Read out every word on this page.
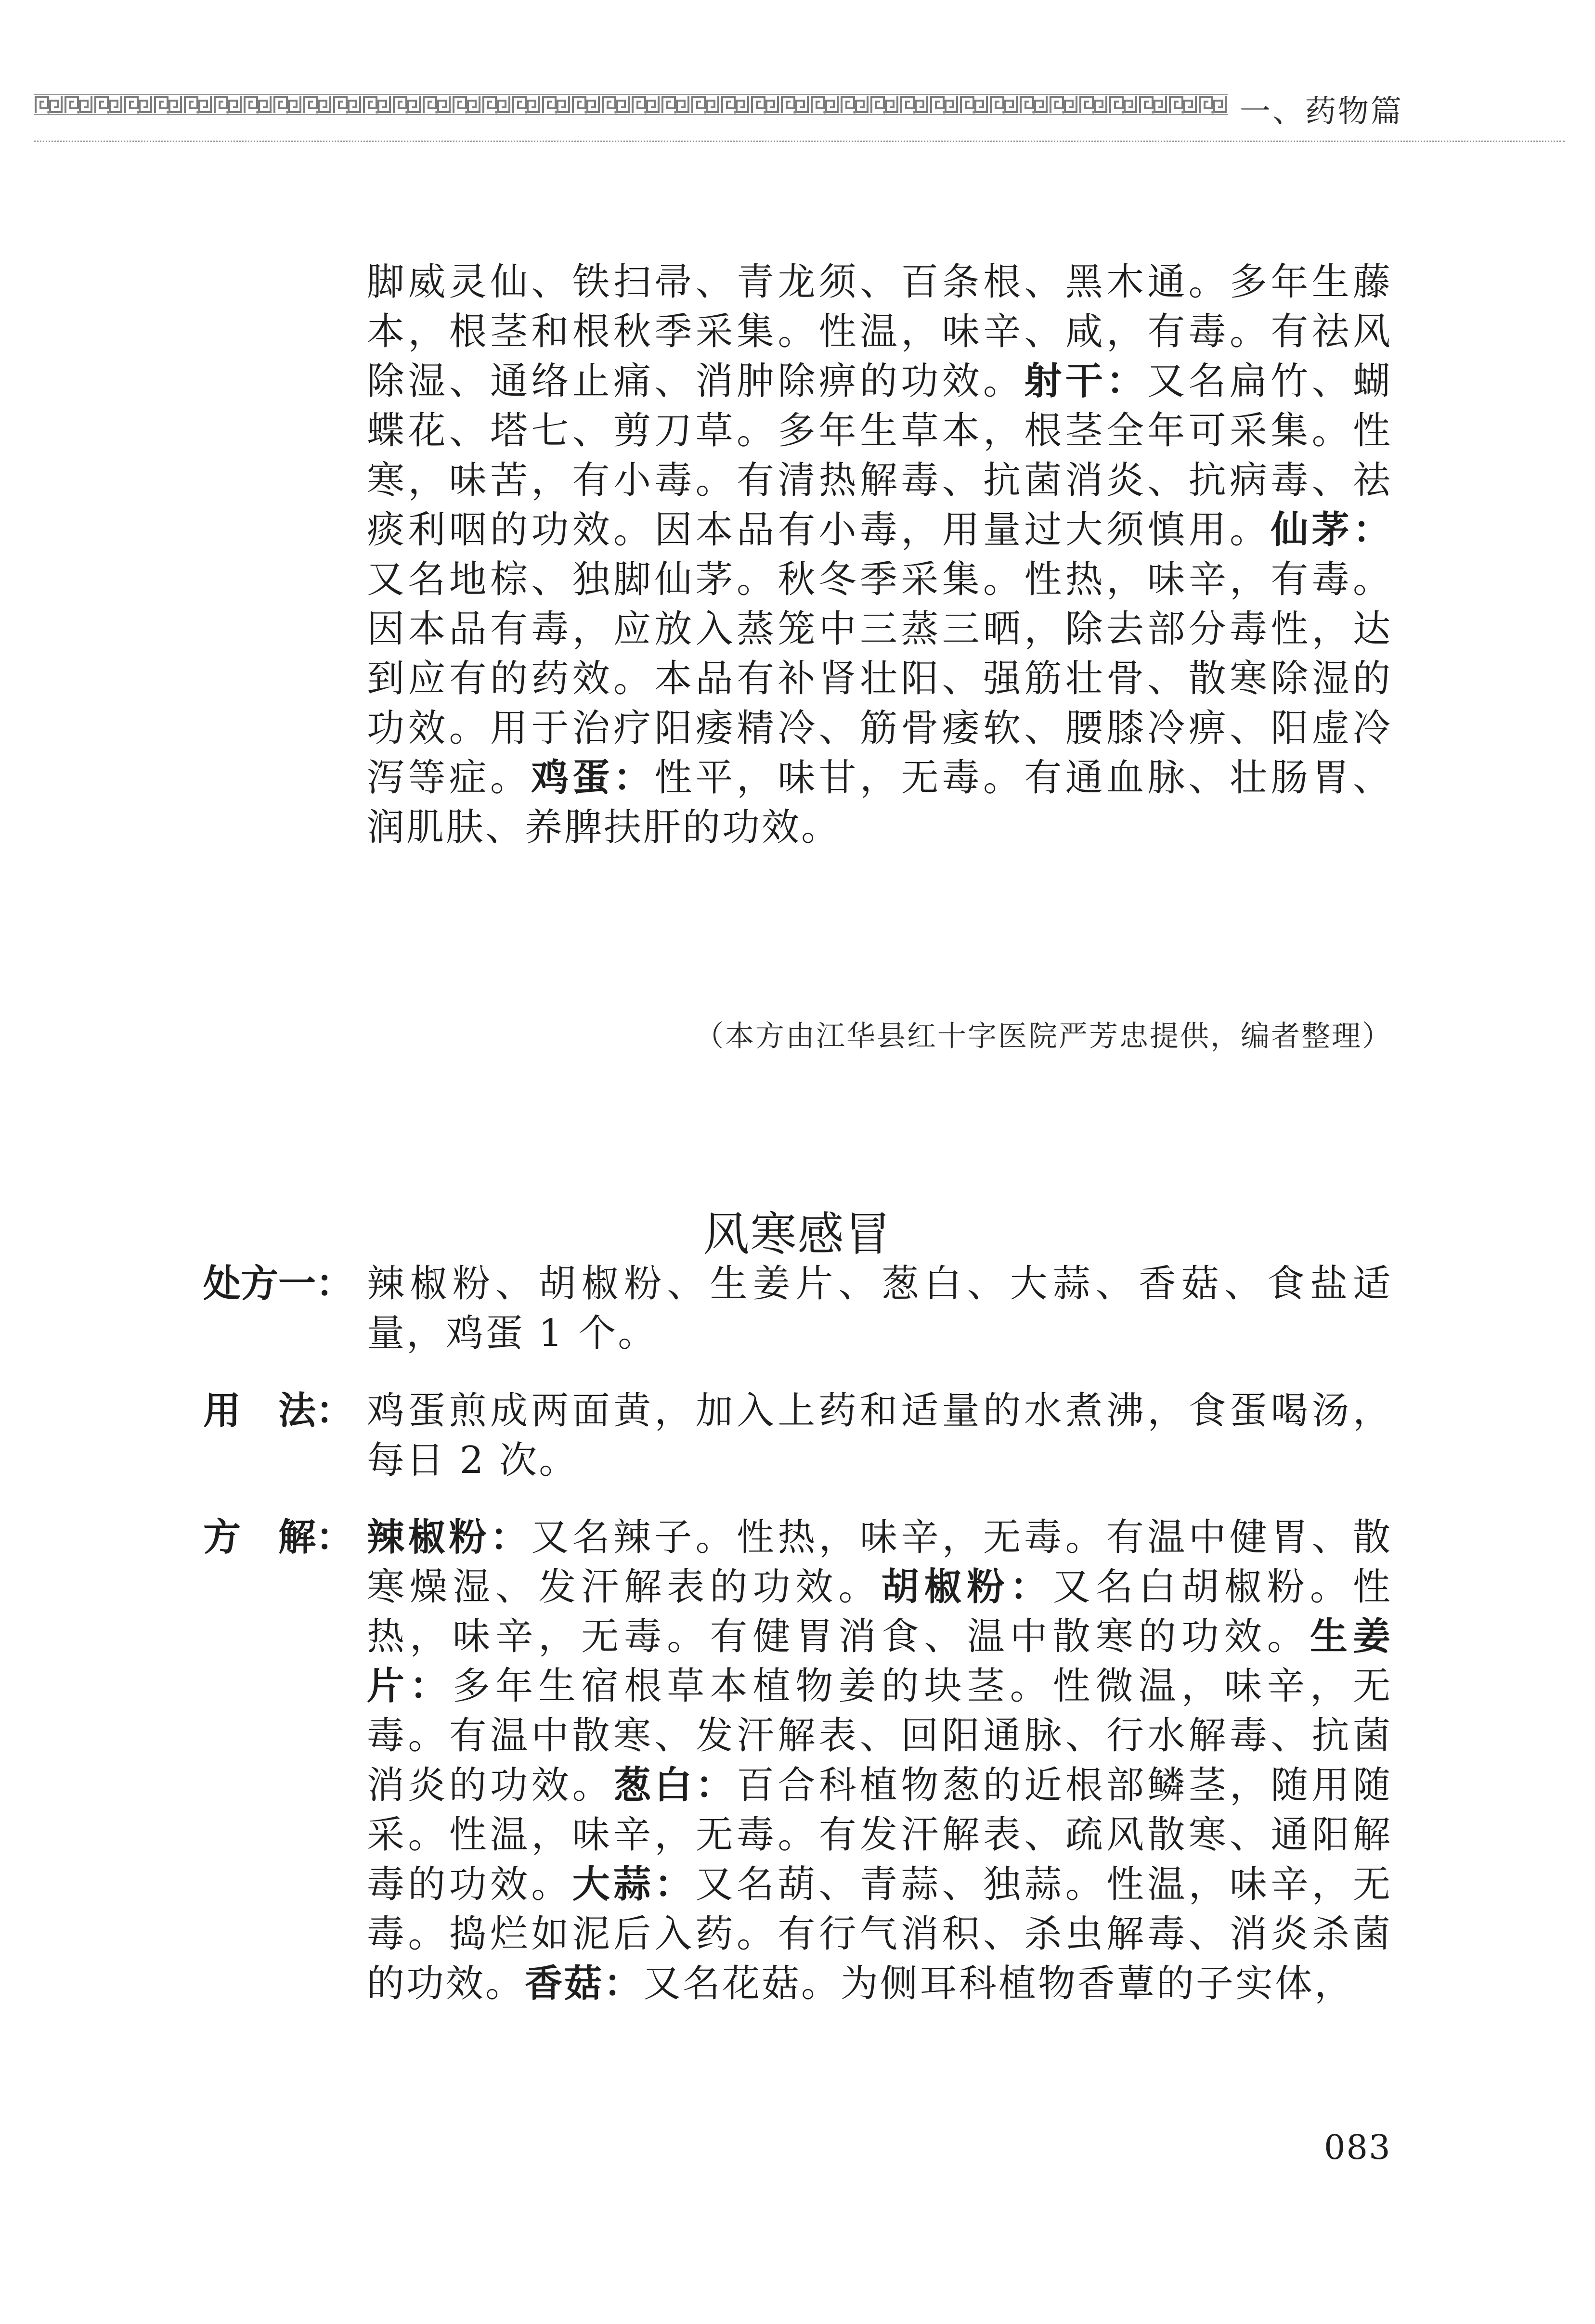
一、药物篇

脚威灵仙、铁扫帚、青龙须、百条根、黑木通。多年生藤本，根茎和根秋季采集。性温，味辛、咸，有毒。有祛风除湿、通络止痛、消肿除痹的功效。射干：又名扁竹、蝴蝶花、塔七、剪刀草。多年生草本，根茎全年可采集。性寒，味苦，有小毒。有清热解毒、抗菌消炎、抗病毒、祛痰利咽的功效。因本品有小毒，用量过大须慎用。仙茅：又名地棕、独脚仙茅。秋冬季采集。性热，味辛，有毒。因本品有毒，应放入蒸笼中三蒸三晒，除去部分毒性，达到应有的药效。本品有补肾壮阳、强筋壮骨、散寒除湿的功效。用于治疗阳痿精冷、筋骨痿软、腰膝冷痹、阳虚冷泻等症。鸡蛋：性平，味甘，无毒。有通血脉、壮肠胃、润肌肤、养脾扶肝的功效。

（本方由江华县红十字医院严芳忠提供，编者整理）
风寒感冒
处方一： 辣椒粉、胡椒粉、生姜片、葱白、大蒜、香菇、食盐适量，鸡蛋 1 个。

用　法： 鸡蛋煎成两面黄，加入上药和适量的水煮沸，食蛋喝汤，每日 2 次。

方　解： 辣椒粉：又名辣子。性热，味辛，无毒。有温中健胃、散寒燥湿、发汗解表的功效。胡椒粉：又名白胡椒粉。性热，味辛，无毒。有健胃消食、温中散寒的功效。生姜片：多年生宿根草本植物姜的块茎。性微温，味辛，无毒。有温中散寒、发汗解表、回阳通脉、行水解毒、抗菌消炎的功效。葱白：百合科植物葱的近根部鳞茎，随用随采。性温，味辛，无毒。有发汗解表、疏风散寒、通阳解毒的功效。大蒜：又名葫、青蒜、独蒜。性温，味辛，无毒。捣烂如泥后入药。有行气消积、杀虫解毒、消炎杀菌的功效。香菇：又名花菇。为侧耳科植物香蕈的子实体，

083
